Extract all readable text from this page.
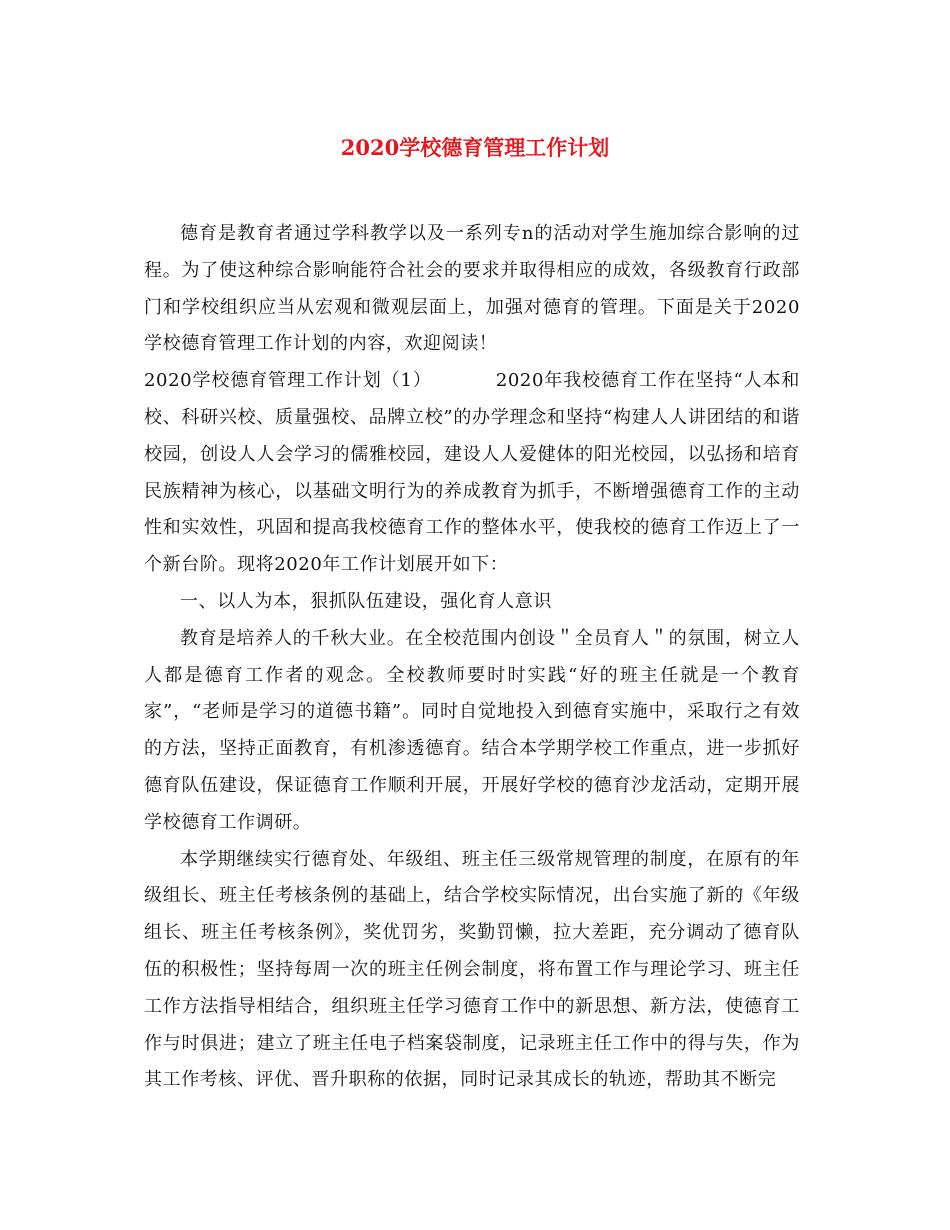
2020学校德育管理工作计划

德育是教育者通过学科教学以及一系列专n的活动对学生施加综合影响的过程。为了使这种综合影响能符合社会的要求并取得相应的成效，各级教育行政部门和学校组织应当从宏观和微观层面上，加强对德育的管理。下面是关于2020学校德育管理工作计划的内容，欢迎阅读！

2020学校德育管理工作计划（1）	2020年我校德育工作在坚持“人本和校、科研兴校、质量强校、品牌立校”的办学理念和坚持“构建人人讲团结的和谐校园，创设人人会学习的儒雅校园，建设人人爱健体的阳光校园，以弘扬和培育民族精神为核心，以基础文明行为的养成教育为抓手，不断增强德育工作的主动性和实效性，巩固和提高我校德育工作的整体水平，使我校的德育工作迈上了一个新台阶。现将2020年工作计划展开如下：

一、以人为本，狠抓队伍建设，强化育人意识

教育是培养人的千秋大业。在全校范围内创设＂全员育人＂的氛围，树立人人都是德育工作者的观念。全校教师要时时实践“好的班主任就是一个教育家”，“老师是学习的道德书籍”。同时自觉地投入到德育实施中，采取行之有效的方法，坚持正面教育，有机渗透德育。结合本学期学校工作重点，进一步抓好德育队伍建设，保证德育工作顺利开展，开展好学校的德育沙龙活动，定期开展学校德育工作调研。

本学期继续实行德育处、年级组、班主任三级常规管理的制度，在原有的年级组长、班主任考核条例的基础上，结合学校实际情况，出台实施了新的《年级组长、班主任考核条例》，奖优罚劣，奖勤罚懒，拉大差距，充分调动了德育队伍的积极性；坚持每周一次的班主任例会制度，将布置工作与理论学习、班主任工作方法指导相结合，组织班主任学习德育工作中的新思想、新方法，使德育工作与时俱进；建立了班主任电子档案袋制度，记录班主任工作中的得与失，作为其工作考核、评优、晋升职称的依据，同时记录其成长的轨迹，帮助其不断完
